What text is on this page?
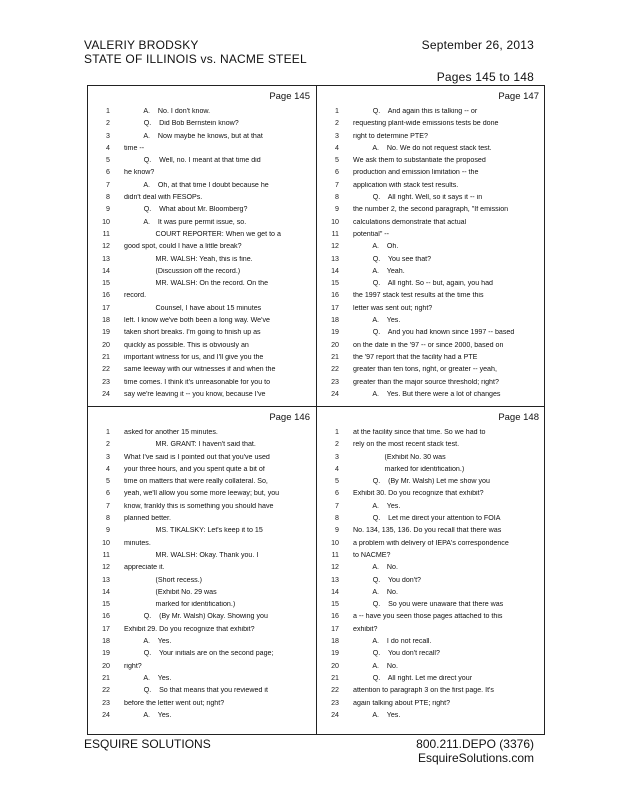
VALERIY BRODSKY
STATE OF ILLINOIS vs. NACME STEEL
September 26, 2013
Pages 145 to 148
Page 145
1 A.    No. I don't know.
2 Q.    Did Bob Bernstein know?
3 A.    Now maybe he knows, but at that
4 time --
5 Q.    Well, no. I meant at that time did
6 he know?
7 A.    Oh, at that time I doubt because he
8 didn't deal with FESOPs.
9 Q.    What about Mr. Bloomberg?
10 A.    It was pure permit issue, so.
11 COURT REPORTER: When we get to a
12 good spot, could I have a little break?
13 MR. WALSH: Yeah, this is fine.
14 (Discussion off the record.)
15 MR. WALSH: On the record. On the
16 record.
17 Counsel, I have about 15 minutes
18 left. I know we've both been a long way. We've
19 taken short breaks. I'm going to finish up as
20 quickly as possible. This is obviously an
21 important witness for us, and I'll give you the
22 same leeway with our witnesses if and when the
23 time comes. I think it's unreasonable for you to
24 say we're leaving it -- you know, because I've
Page 147
1 Q.    And again this is talking -- or
2 requesting plant-wide emissions tests be done
3 right to determine PTE?
4 A.    No. We do not request stack test.
5 We ask them to substantiate the proposed
6 production and emission limitation -- the
7 application with stack test results.
8 Q.    All right. Well, so it says it -- in
9 the number 2, the second paragraph, "If emission
10 calculations demonstrate that actual
11 potential" --
12 A.    Oh.
13 Q.    You see that?
14 A.    Yeah.
15 Q.    All right. So -- but, again, you had
16 the 1997 stack test results at the time this
17 letter was sent out; right?
18 A.    Yes.
19 Q.    And you had known since 1997 -- based
20 on the date in the '97 -- or since 2000, based on
21 the '97 report that the facility had a PTE
22 greater than ten tons, right, or greater -- yeah,
23 greater than the major source threshold; right?
24 A.    Yes. But there were a lot of changes
Page 146
1 asked for another 15 minutes.
2 MR. GRANT: I haven't said that.
3 What I've said is I pointed out that you've used
4 your three hours, and you spent quite a bit of
5 time on matters that were really collateral. So,
6 yeah, we'll allow you some more leeway; but, you
7 know, frankly this is something you should have
8 planned better.
9 MS. TIKALSKY: Let's keep it to 15
10 minutes.
11 MR. WALSH: Okay. Thank you. I
12 appreciate it.
13 (Short recess.)
14 (Exhibit No. 29 was
15 marked for identification.)
16 Q.    (By Mr. Walsh) Okay. Showing you
17 Exhibit 29. Do you recognize that exhibit?
18 A.    Yes.
19 Q.    Your initials are on the second page;
20 right?
21 A.    Yes.
22 Q.    So that means that you reviewed it
23 before the letter went out; right?
24 A.    Yes.
Page 148
1 at the facility since that time. So we had to
2 rely on the most recent stack test.
3 (Exhibit No. 30 was
4 marked for identification.)
5 Q.    (By Mr. Walsh) Let me show you
6 Exhibit 30. Do you recognize that exhibit?
7 A.    Yes.
8 Q.    Let me direct your attention to FOIA
9 No. 134, 135, 136. Do you recall that there was
10 a problem with delivery of IEPA's correspondence
11 to NACME?
12 A.    No.
13 Q.    You don't?
14 A.    No.
15 Q.    So you were unaware that there was
16 a -- have you seen those pages attached to this
17 exhibit?
18 A.    I do not recall.
19 Q.    You don't recall?
20 A.    No.
21 Q.    All right. Let me direct your
22 attention to paragraph 3 on the first page. It's
23 again talking about PTE; right?
24 A.    Yes.
ESQUIRE SOLUTIONS	800.211.DEPO (3376)
EsquireSolutions.com
